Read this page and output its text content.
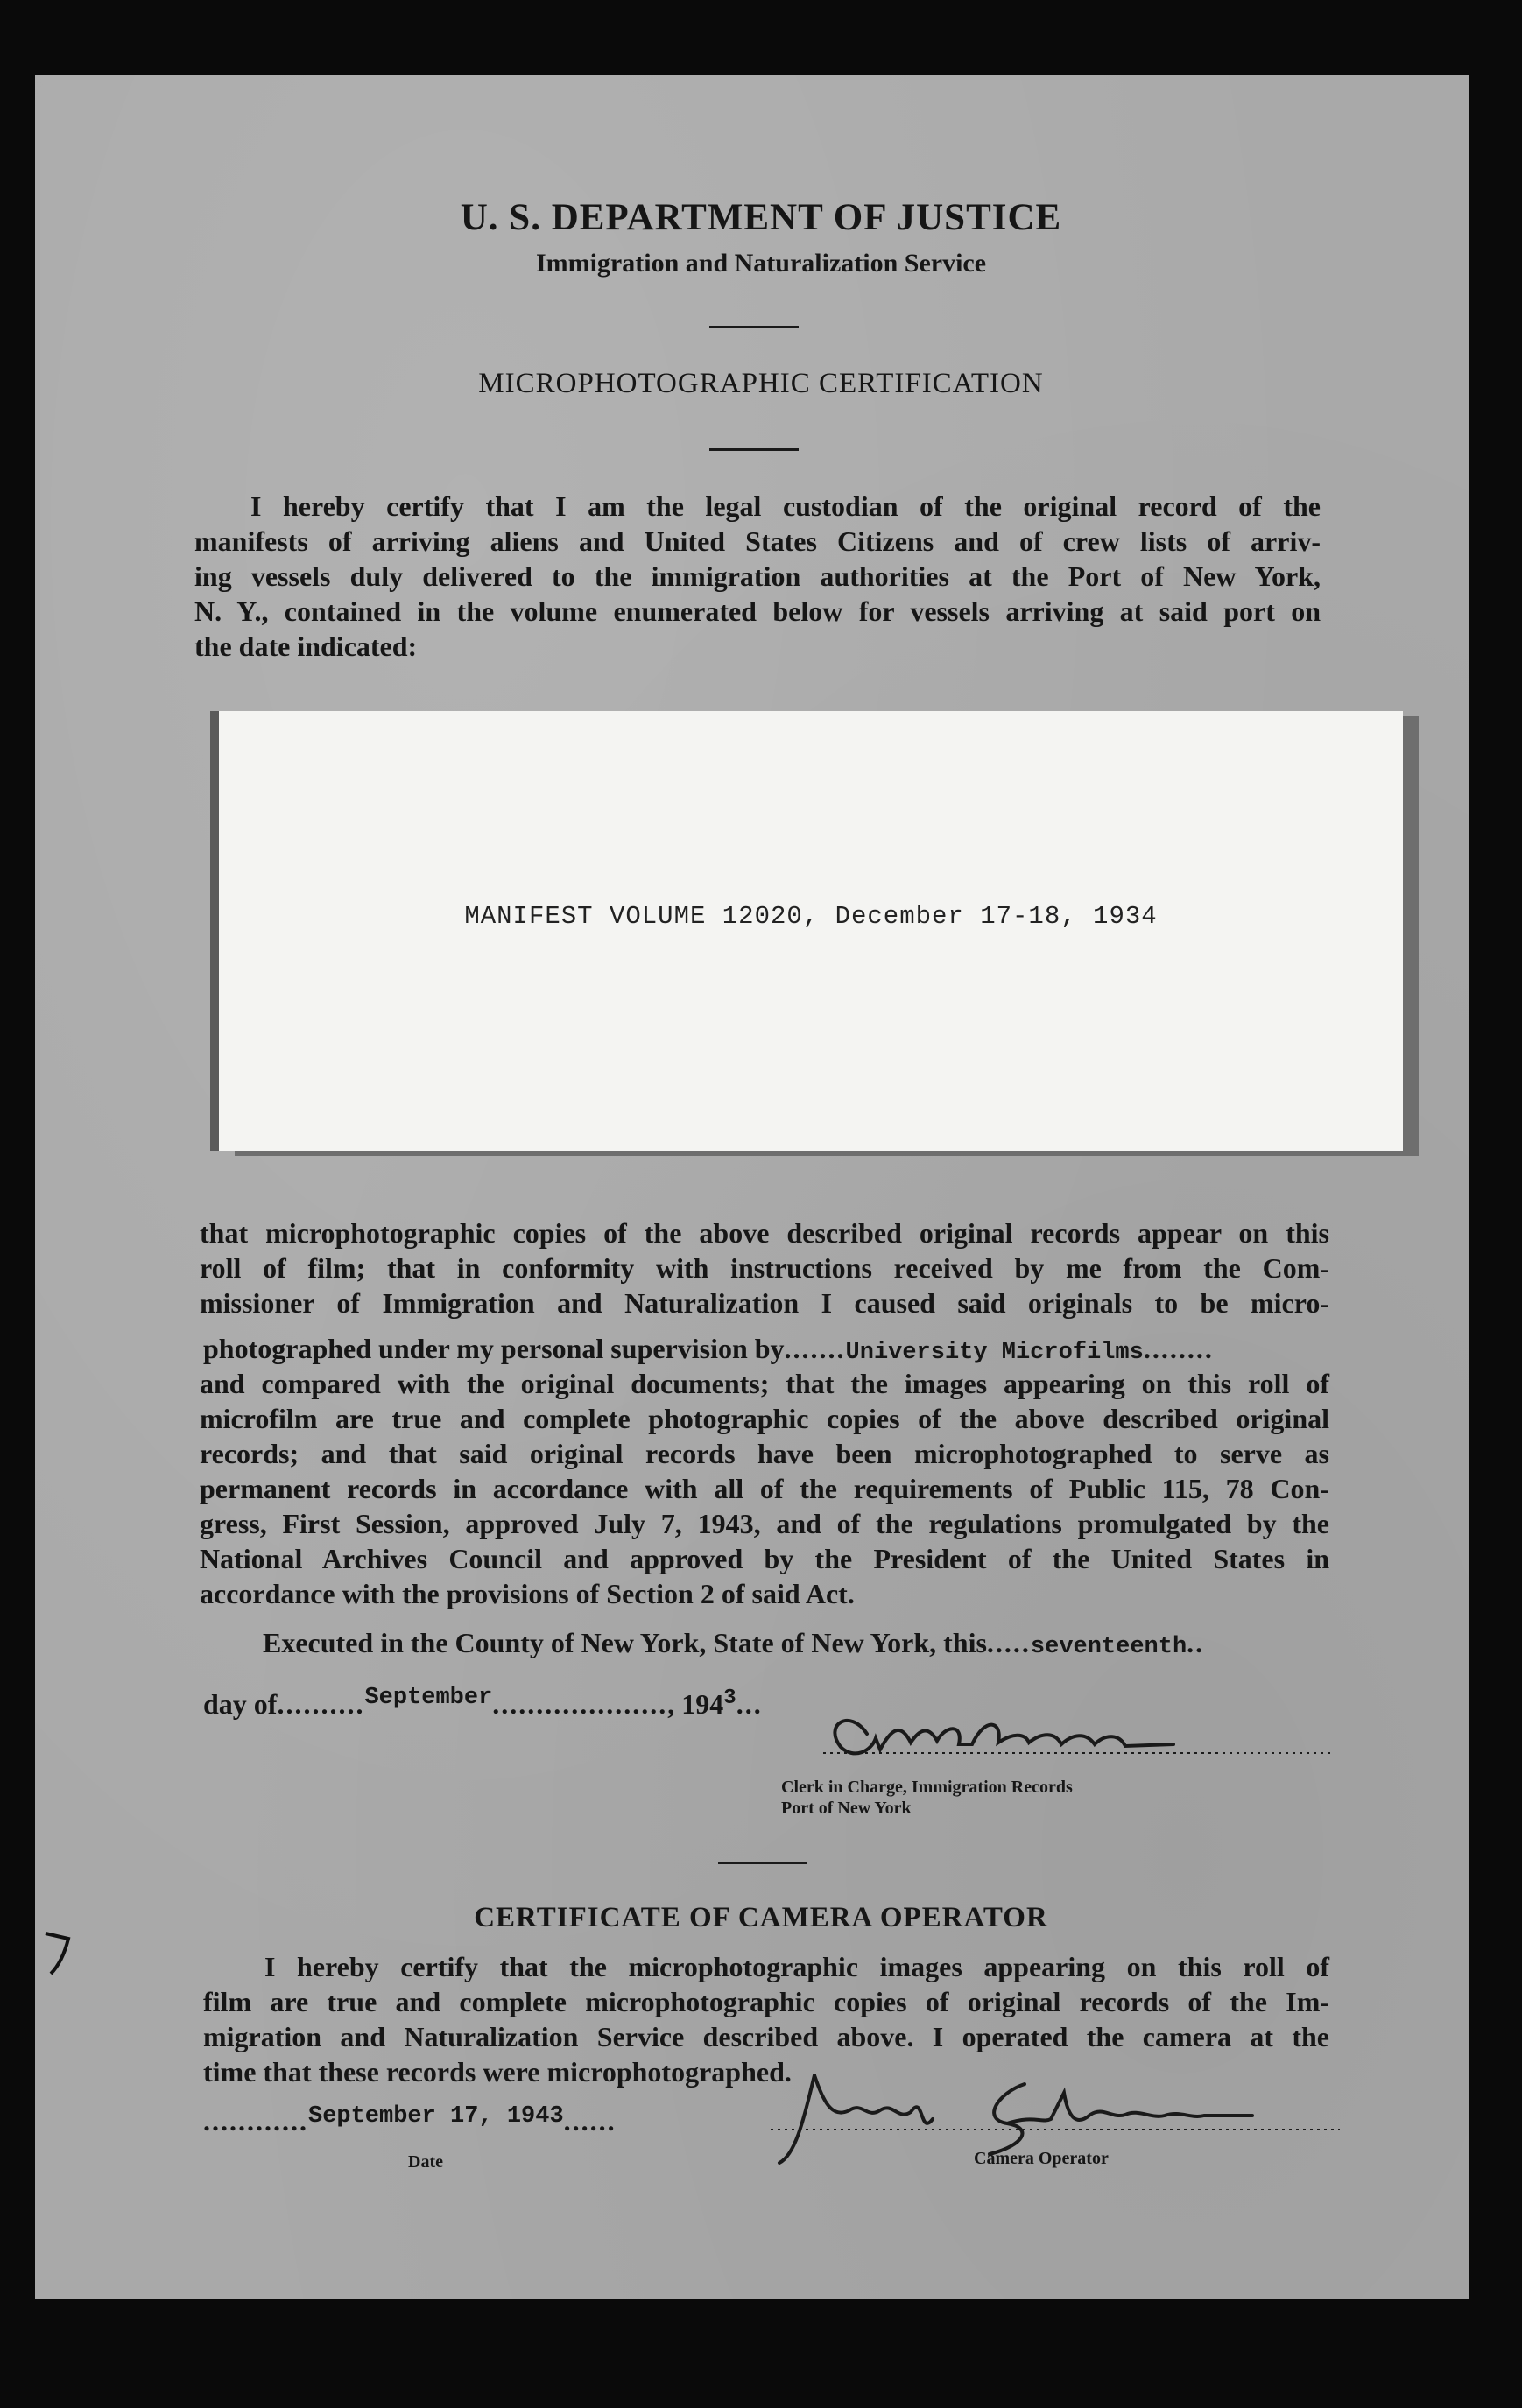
U. S. DEPARTMENT OF JUSTICE
Immigration and Naturalization Service
MICROPHOTOGRAPHIC CERTIFICATION
I hereby certify that I am the legal custodian of the original record of the
manifests of arriving aliens and United States Citizens and of crew lists of arriv-
ing vessels duly delivered to the immigration authorities at the Port of New York,
N. Y., contained in the volume enumerated below for vessels arriving at said port on
the date indicated:
MANIFEST VOLUME 12020, December 17-18, 1934
that microphotographic copies of the above described original records appear on this
roll of film; that in conformity with instructions received by me from the Com-
missioner of Immigration and Naturalization I caused said originals to be micro-
photographed under my personal supervision by.......University Microfilms........
and compared with the original documents; that the images appearing on this roll of
microfilm are true and complete photographic copies of the above described original
records; and that said original records have been microphotographed to serve as
permanent records in accordance with all of the requirements of Public 115, 78 Con-
gress, First Session, approved July 7, 1943, and of the regulations promulgated by the
National Archives Council and approved by the President of the United States in
accordance with the provisions of Section 2 of said Act.
Executed in the County of New York, State of New York, this.....seventeenth..
day of..........$^{September}$...................., $194^3$...
Clerk in Charge, Immigration Records
Port of New York
CERTIFICATE OF CAMERA OPERATOR
I hereby certify that the microphotographic images appearing on this roll of
film are true and complete microphotographic copies of original records of the Im-
migration and Naturalization Service described above. I operated the camera at the
time that these records were microphotographed.
............$^{September 17, 1943}$......
Date	Camera Operator
